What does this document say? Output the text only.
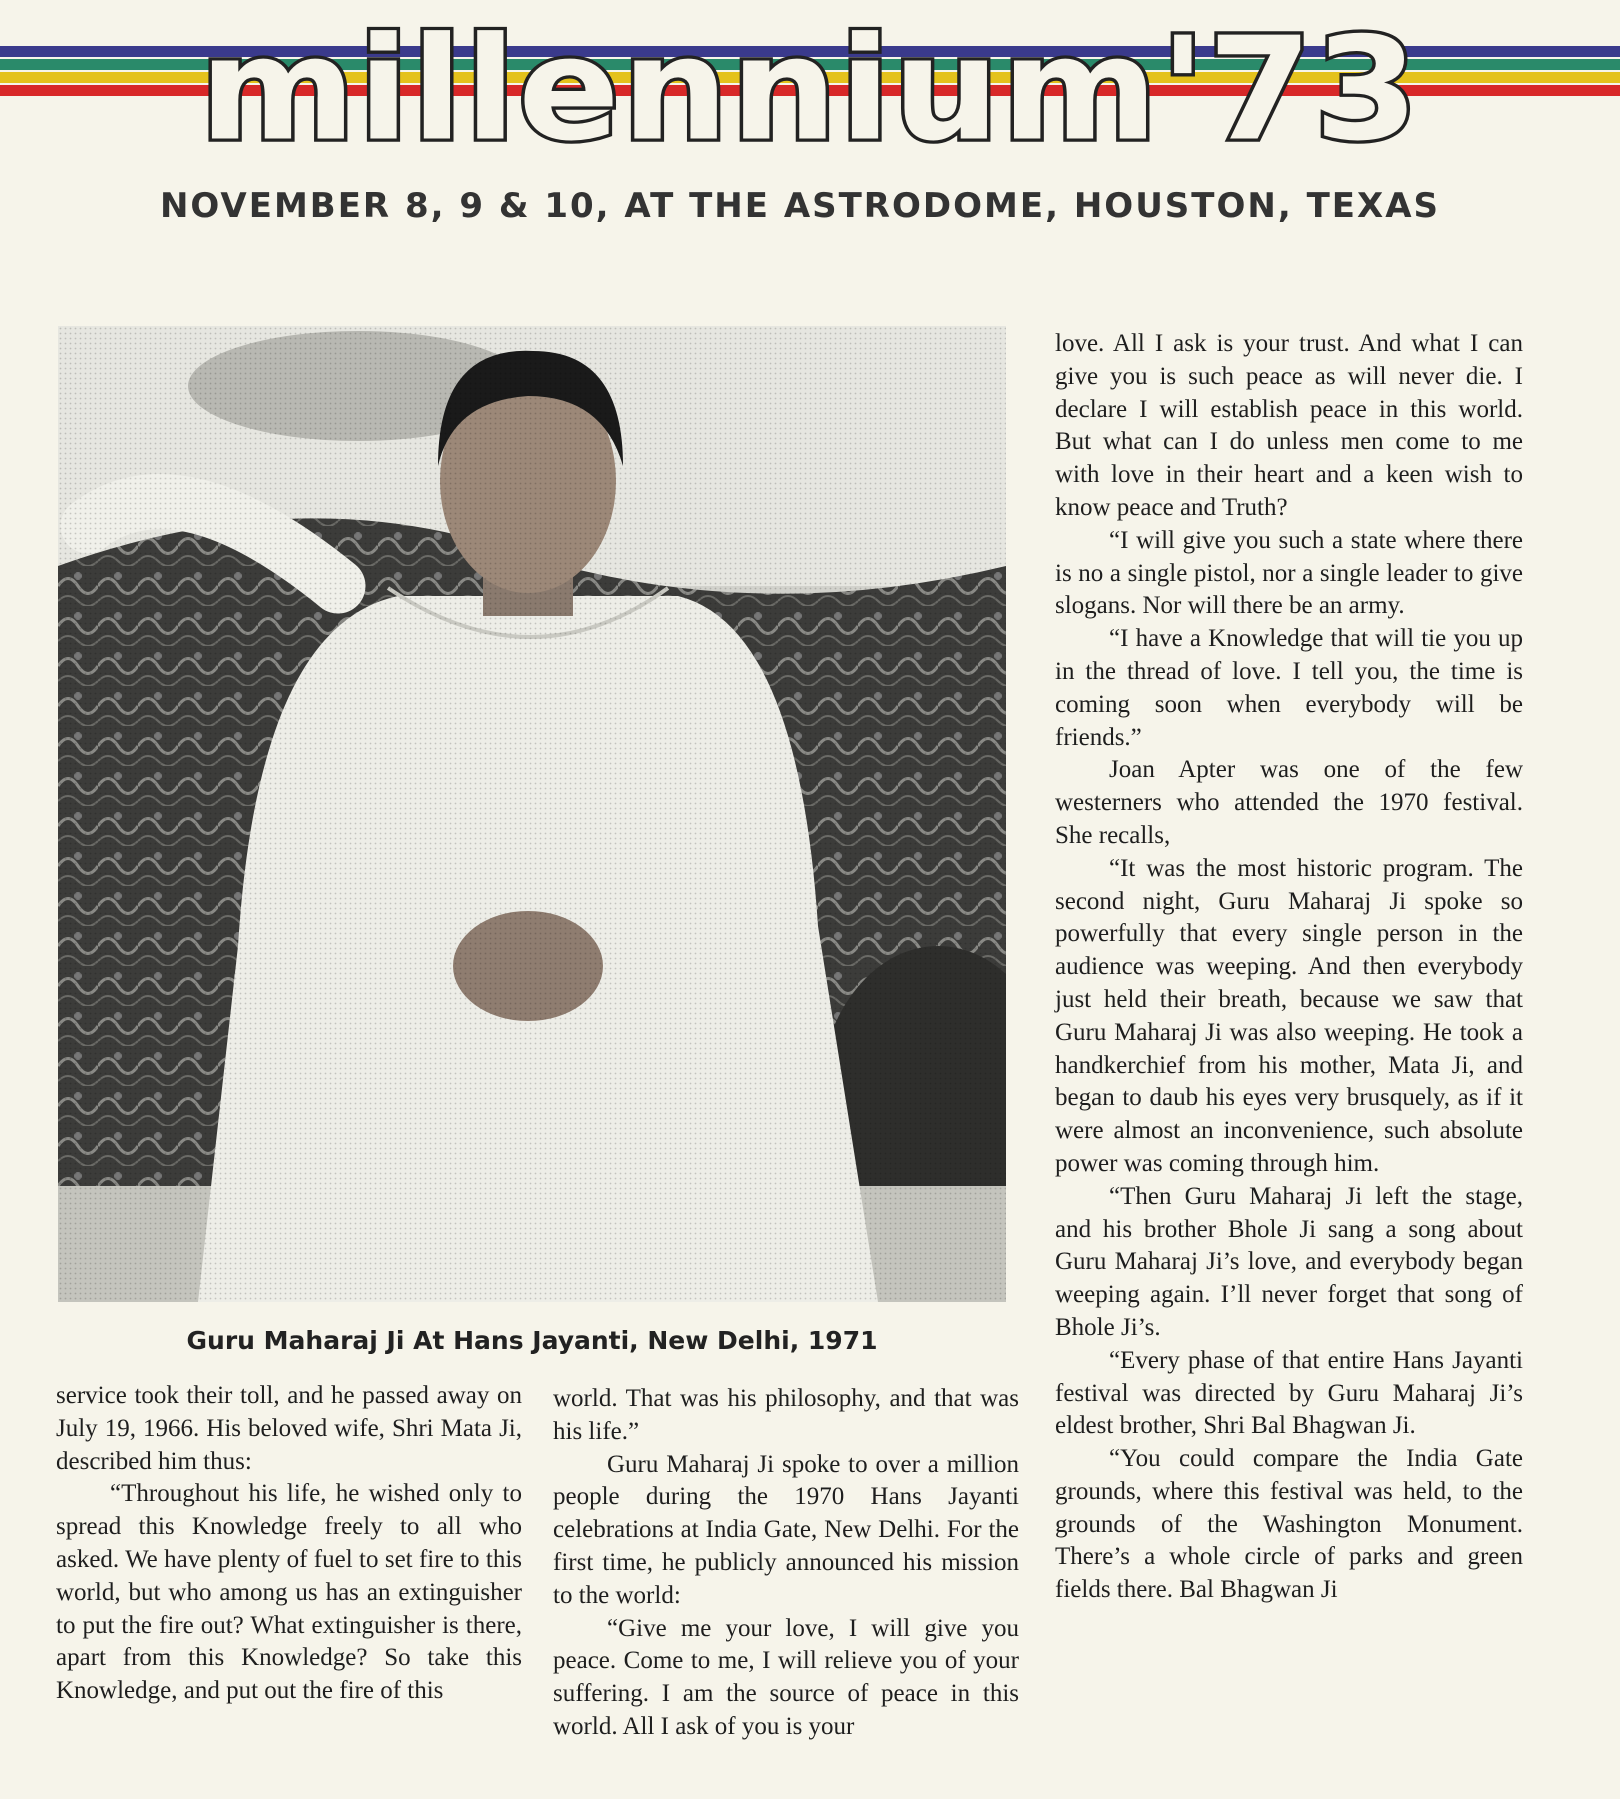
millennium'73
NOVEMBER 8, 9 & 10, AT THE ASTRODOME, HOUSTON, TEXAS
Guru Maharaj Ji At Hans Jayanti, New Delhi, 1971

service took their toll, and he passed away on July 19, 1966. His beloved wife, Shri Mata Ji, described him thus:

“Throughout his life, he wished only to spread this Knowledge freely to all who asked. We have plenty of fuel to set fire to this world, but who among us has an extinguisher to put the fire out? What extinguisher is there, apart from this Knowledge? So take this Knowledge, and put out the fire of this

world. That was his philosophy, and that was his life.”

Guru Maharaj Ji spoke to over a million people during the 1970 Hans Jayanti celebrations at India Gate, New Delhi. For the first time, he publicly announced his mission to the world:

“Give me your love, I will give you peace. Come to me, I will relieve you of your suffering. I am the source of peace in this world. All I ask of you is your

love. All I ask is your trust. And what I can give you is such peace as will never die. I declare I will establish peace in this world. But what can I do unless men come to me with love in their heart and a keen wish to know peace and Truth?

“I will give you such a state where there is no a single pistol, nor a single leader to give slogans. Nor will there be an army.

“I have a Knowledge that will tie you up in the thread of love. I tell you, the time is coming soon when everybody will be friends.”

Joan Apter was one of the few westerners who attended the 1970 festival. She recalls,

“It was the most historic program. The second night, Guru Maharaj Ji spoke so powerfully that every single person in the audience was weeping. And then everybody just held their breath, because we saw that Guru Maharaj Ji was also weeping. He took a handkerchief from his mother, Mata Ji, and began to daub his eyes very brusquely, as if it were almost an inconvenience, such absolute power was coming through him.

“Then Guru Maharaj Ji left the stage, and his brother Bhole Ji sang a song about Guru Maharaj Ji’s love, and everybody began weeping again. I’ll never forget that song of Bhole Ji’s.

“Every phase of that entire Hans Jayanti festival was directed by Guru Maharaj Ji’s eldest brother, Shri Bal Bhagwan Ji.

“You could compare the India Gate grounds, where this festival was held, to the grounds of the Washington Monument. There’s a whole circle of parks and green fields there. Bal Bhagwan Ji
